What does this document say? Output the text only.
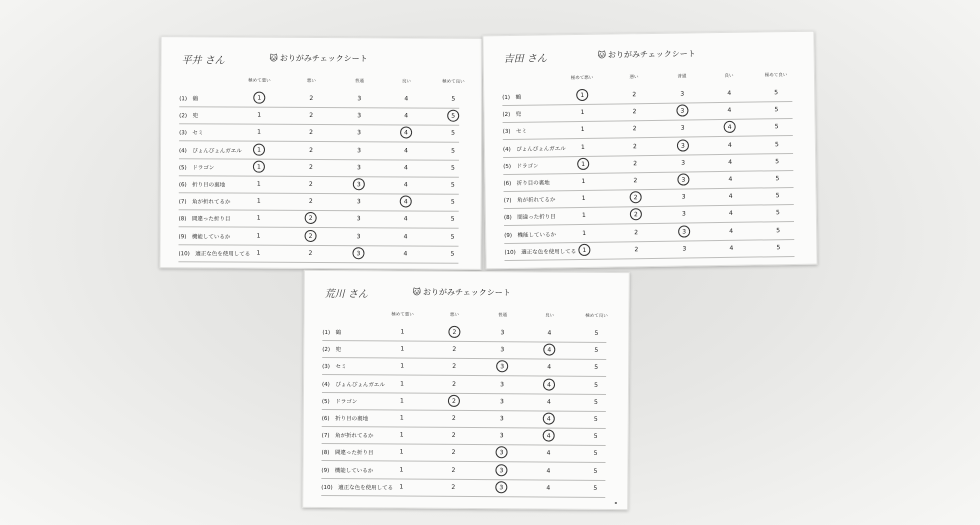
平井 さん	🐱 おりがみチェックシート
極めて悪い	悪い	普通	良い	極めて良い
(1)　鶴	1	2	3	4	5
(2)　兜	1	2	3	4	5
(3)　セミ	1	2	3	4	5
(4)　ぴょんぴょんガエル	1	2	3	4	5
(5)　ドラゴン	1	2	3	4	5
(6)　折り目の裏地	1	2	3	4	5
(7)　角が折れてるか	1	2	3	4	5
(8)　間違った折り目	1	2	3	4	5
(9)　機能しているか	1	2	3	4	5
(10)　適正な色を使用してる	1	2	3	4	5
吉田 さん	🐱 おりがみチェックシート
極めて悪い	悪い	普通	良い	極めて良い
(1)　鶴	1	2	3	4	5
(2)　兜	1	2	3	4	5
(3)　セミ	1	2	3	4	5
(4)　ぴょんぴょんガエル	1	2	3	4	5
(5)　ドラゴン	1	2	3	4	5
(6)　折り目の裏地	1	2	3	4	5
(7)　角が折れてるか	1	2	3	4	5
(8)　間違った折り目	1	2	3	4	5
(9)　機能しているか	1	2	3	4	5
(10)　適正な色を使用してる	1	2	3	4	5
▪
荒川 さん	🐱 おりがみチェックシート
極めて悪い	悪い	普通	良い	極めて良い
(1)　鶴	1	2	3	4	5
(2)　兜	1	2	3	4	5
(3)　セミ	1	2	3	4	5
(4)　ぴょんぴょんガエル	1	2	3	4	5
(5)　ドラゴン	1	2	3	4	5
(6)　折り目の裏地	1	2	3	4	5
(7)　角が折れてるか	1	2	3	4	5
(8)　間違った折り目	1	2	3	4	5
(9)　機能しているか	1	2	3	4	5
(10)　適正な色を使用してる	1	2	3	4	5
